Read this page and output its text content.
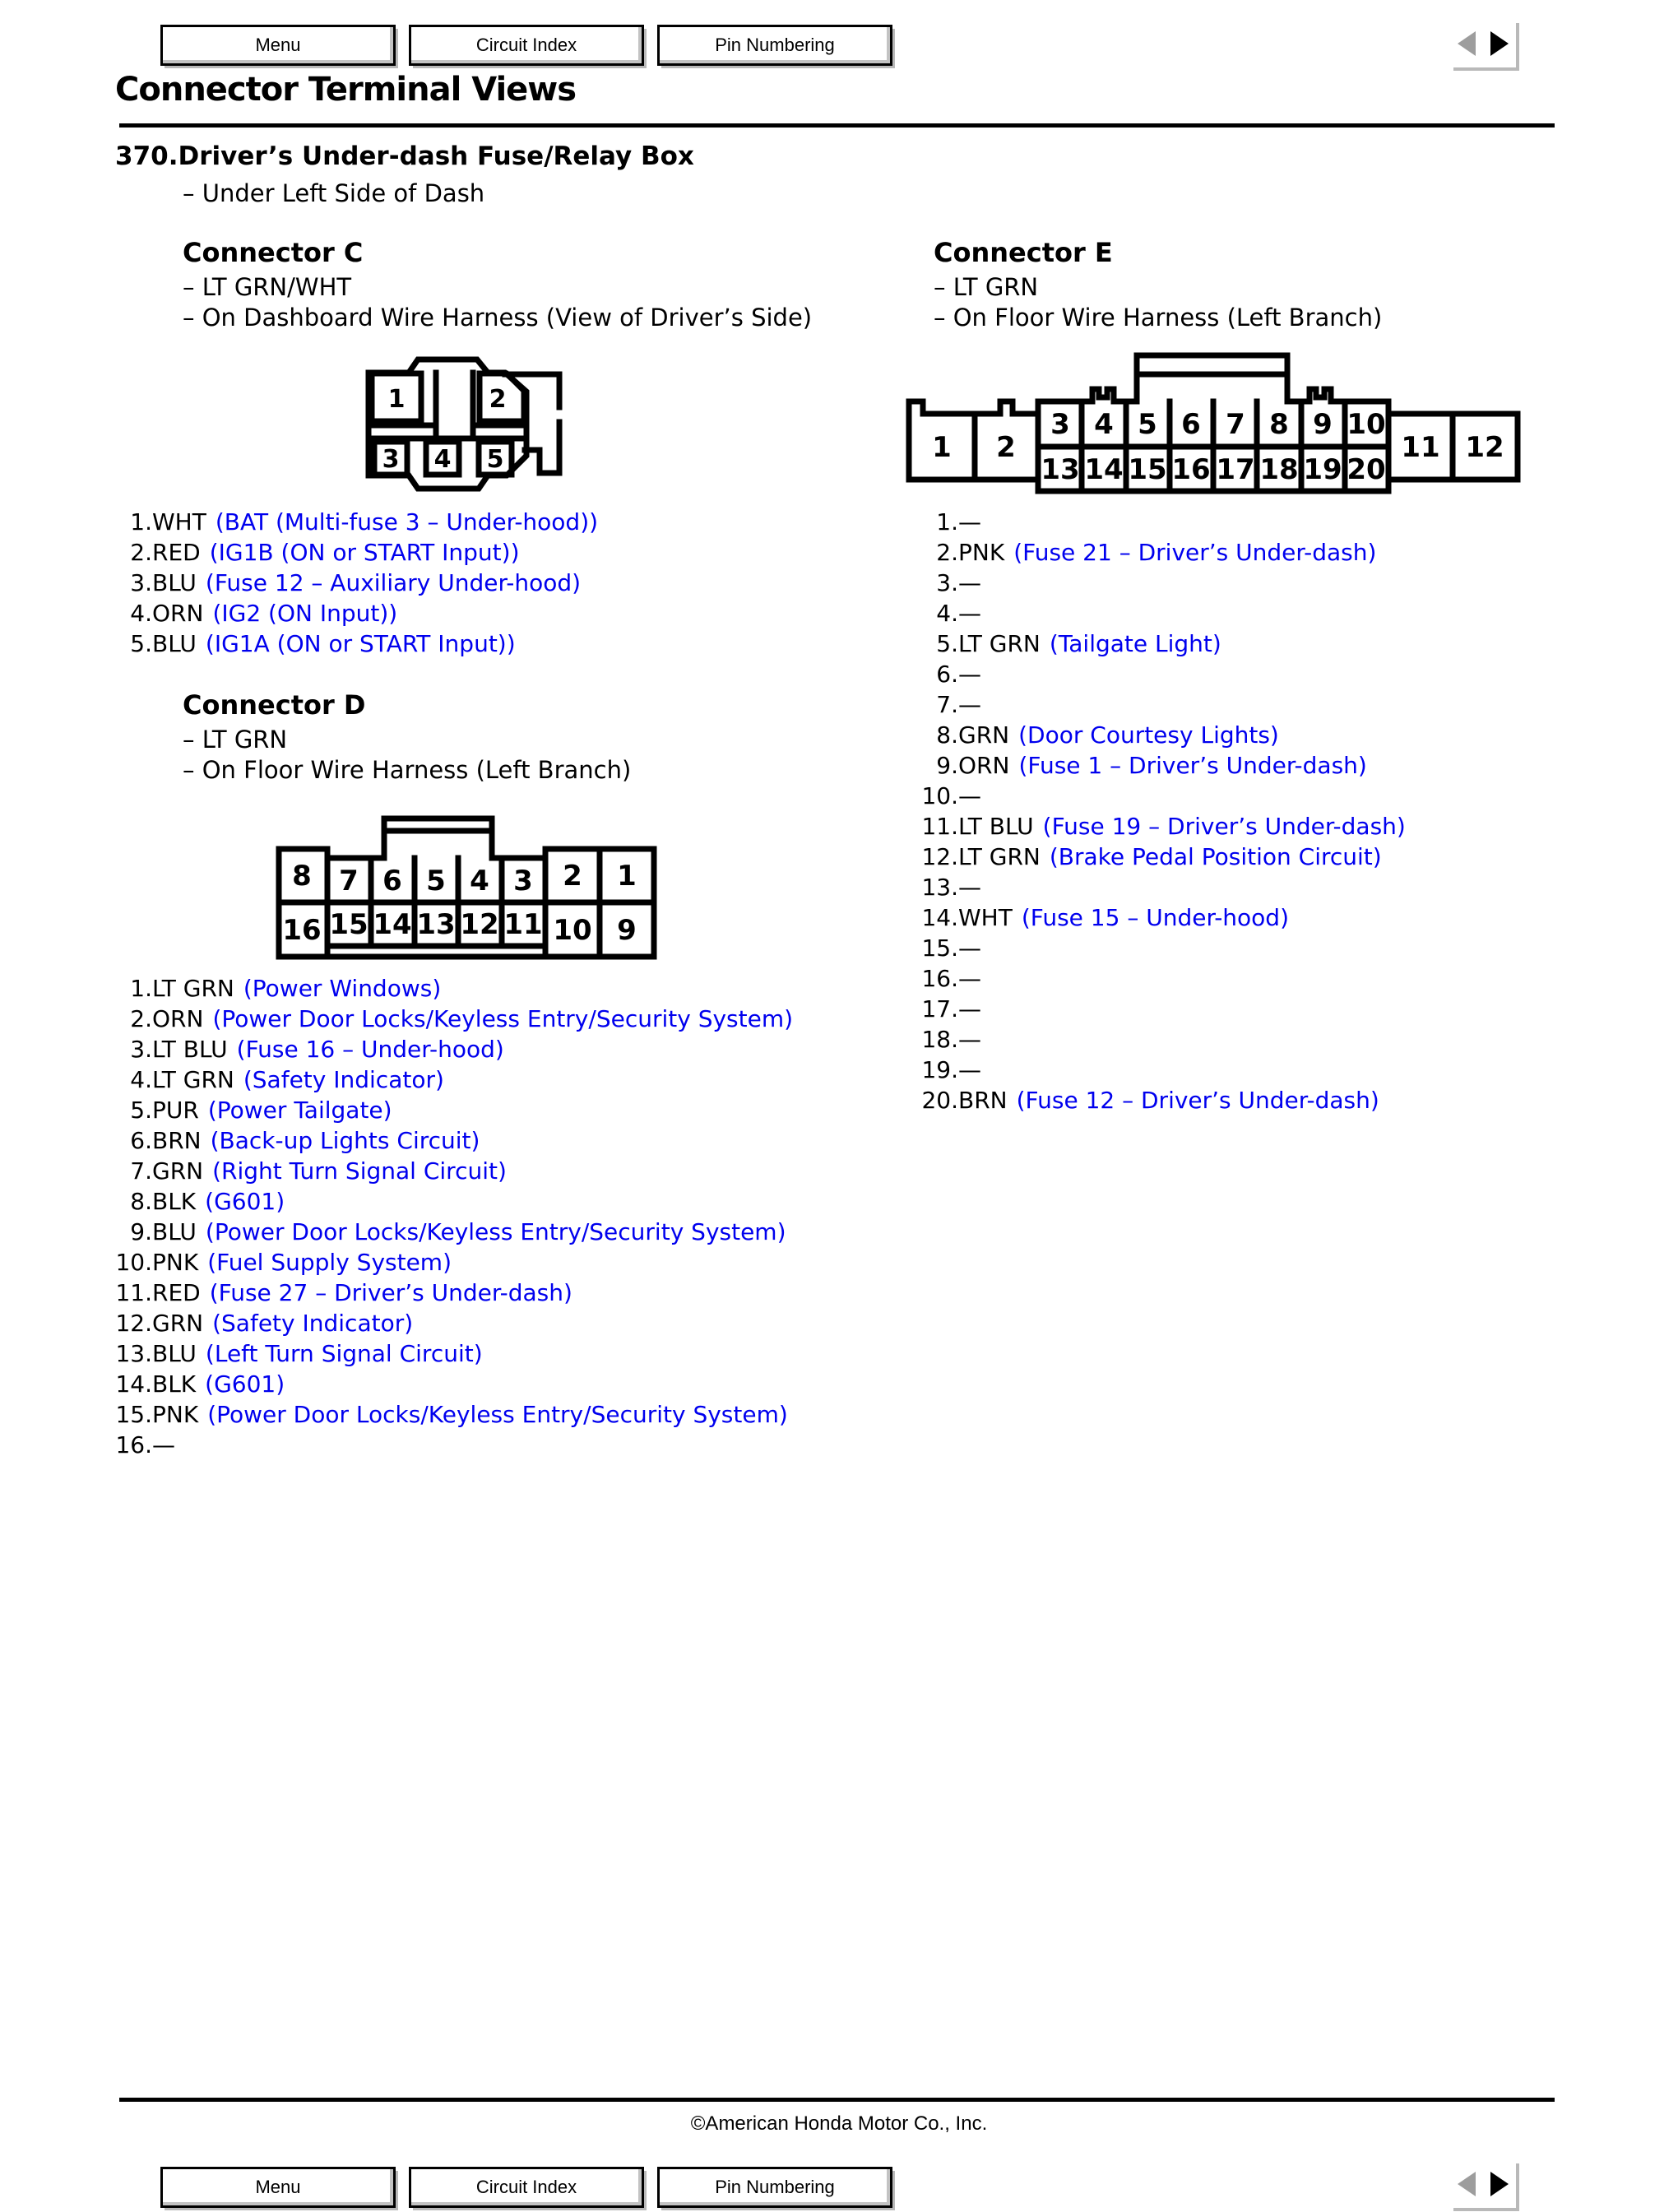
Menu	Circuit Index	Pin Numbering
Connector Terminal Views
370.Driver’s Under-dash Fuse/Relay Box
– Under Left Side of Dash
Connector C
– LT GRN/WHT
– On Dashboard Wire Harness (View of Driver’s Side)
1	2
3 4 5
1. WHT (BAT (Multi-fuse 3 – Under-hood))
2. RED (IG1B (ON or START Input))
3. BLU (Fuse 12 – Auxiliary Under-hood)
4. ORN (IG2 (ON Input))
5. BLU (IG1A (ON or START Input))
Connector D
– LT GRN
– On Floor Wire Harness (Left Branch)
8 7 6 5 4 3 2 1
16 15 14 13 12 11 10 9
1. LT GRN (Power Windows)
2. ORN (Power Door Locks/Keyless Entry/Security System)
3. LT BLU (Fuse 16 – Under-hood)
4. LT GRN (Safety Indicator)
5. PUR (Power Tailgate)
6. BRN (Back-up Lights Circuit)
7. GRN (Right Turn Signal Circuit)
8. BLK (G601)
9. BLU (Power Door Locks/Keyless Entry/Security System)
10. PNK (Fuel Supply System)
11. RED (Fuse 27 – Driver’s Under-dash)
12. GRN (Safety Indicator)
13. BLU (Left Turn Signal Circuit)
14. BLK (G601)
15. PNK (Power Door Locks/Keyless Entry/Security System)
16. —
Connector E
– LT GRN
– On Floor Wire Harness (Left Branch)
1 2
3 4 5 6 7 8 9 10
13 14 15 16 17 18 19 20
11 12
1. —
2. PNK (Fuse 21 – Driver’s Under-dash)
3. —
4. —
5. LT GRN (Tailgate Light)
6. —
7. —
8. GRN (Door Courtesy Lights)
9. ORN (Fuse 1 – Driver’s Under-dash)
10. —
11. LT BLU (Fuse 19 – Driver’s Under-dash)
12. LT GRN (Brake Pedal Position Circuit)
13. —
14. WHT (Fuse 15 – Under-hood)
15. —
16. —
17. —
18. —
19. —
20. BRN (Fuse 12 – Driver’s Under-dash)
©American Honda Motor Co., Inc.
Menu	Circuit Index	Pin Numbering
